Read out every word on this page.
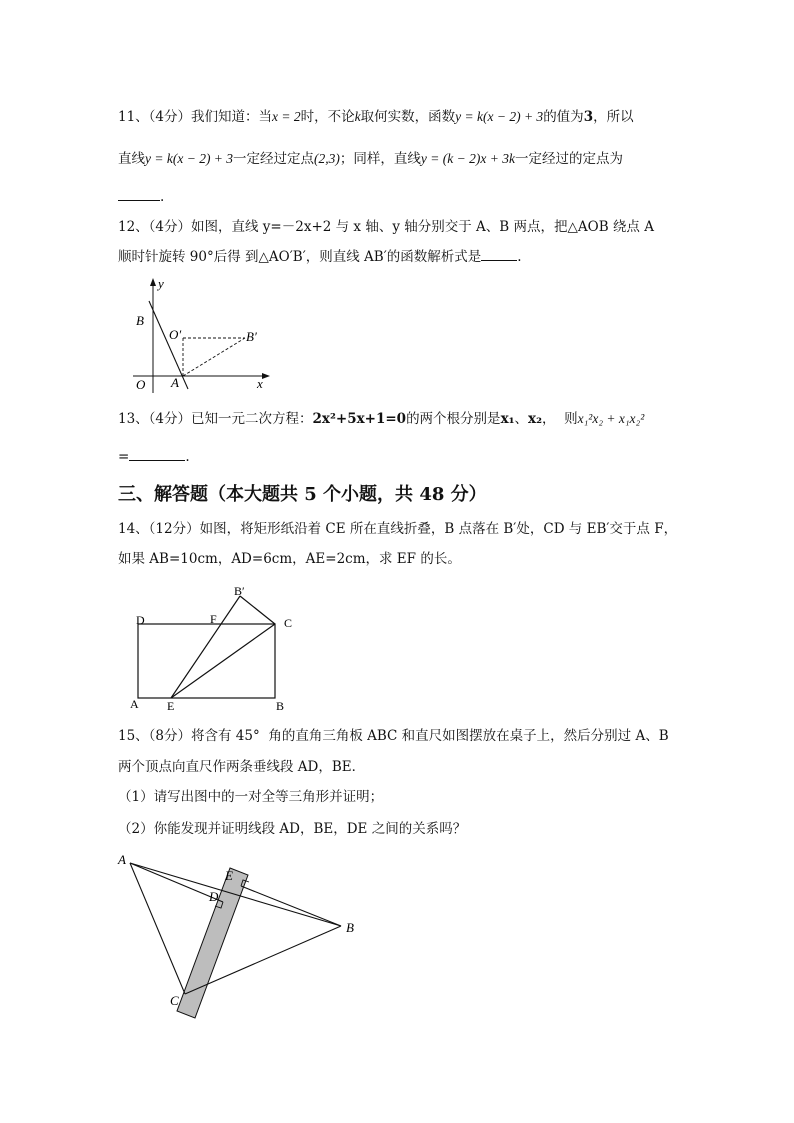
11、（4分）我们知道：当x = 2时，不论k取何实数，函数y = k(x − 2) + 3的值为3，所以
直线y = k(x − 2) + 3一定经过定点(2,3)；同样，直线y = (k − 2)x + 3k一定经过的定点为
.
12、（4分）如图，直线 y=－2x+2 与 x 轴、y 轴分别交于 A、B 两点，把△AOB 绕点 A
顺时针旋转 90°后得 到△AO′B′，则直线 AB′的函数解析式是	.
y
B
O′	B′
O A	x
13、（4分）已知一元二次方程：2x²+5x+1=0的两个根分别是x₁、x₂，  则x₁²x₂ + x₁x₂²
=	.
三、解答题（本大题共 5 个小题，共 48 分）
14、（12分）如图，将矩形纸沿着 CE 所在直线折叠，B 点落在 B′处，CD 与 EB′交于点 F，
如果 AB=10cm，AD=6cm，AE=2cm，求 EF 的长。
B′
D	F	C
A E	B
15、（8分）将含有 45°  角的直角三角板 ABC 和直尺如图摆放在桌子上，然后分别过 A、B
两个顶点向直尺作两条垂线段 AD，BE．
（1）请写出图中的一对全等三角形并证明；
（2）你能发现并证明线段 AD，BE，DE 之间的关系吗？
A
E
D
B
C
